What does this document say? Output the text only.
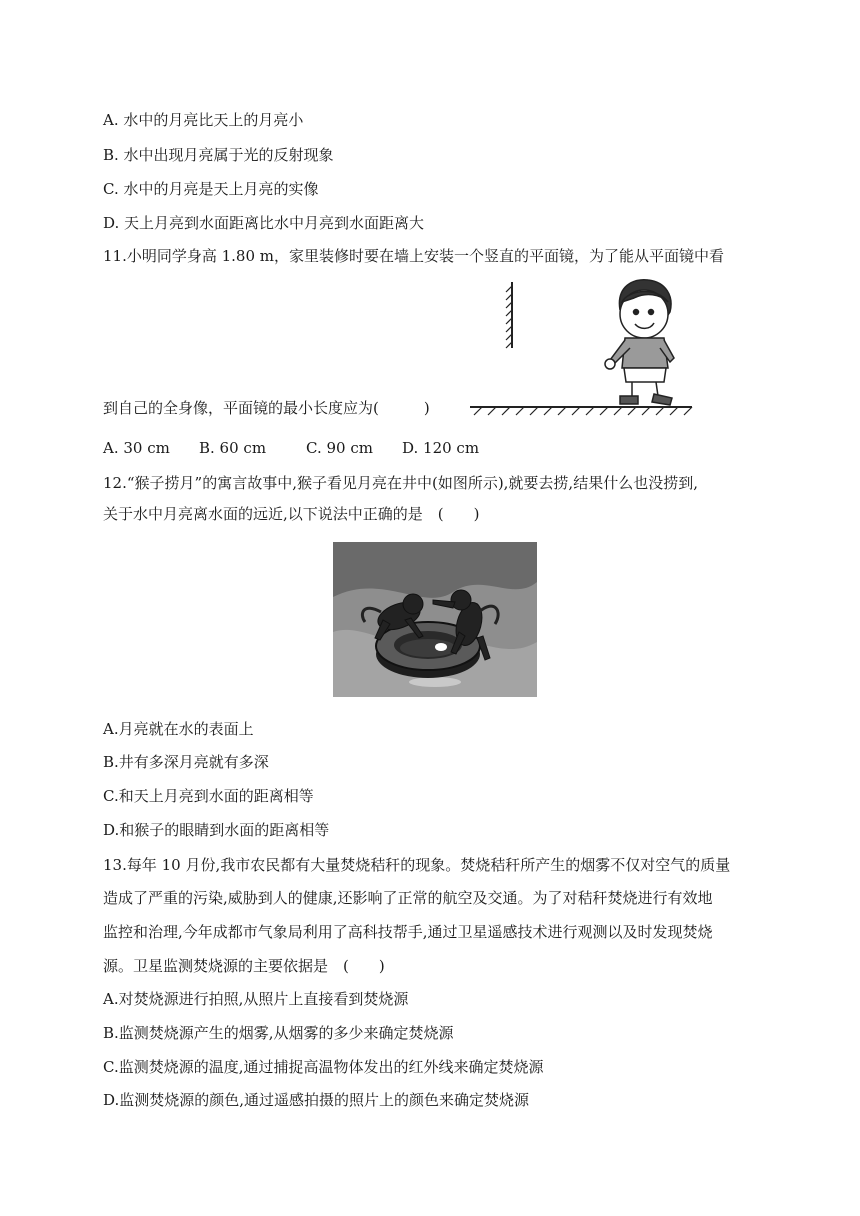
A. 水中的月亮比天上的月亮小
B. 水中出现月亮属于光的反射现象
C. 水中的月亮是天上月亮的实像
D. 天上月亮到水面距离比水中月亮到水面距离大
11.小明同学身高 1.80 m，家里装修时要在墙上安装一个竖直的平面镜，为了能从平面镜中看
到自己的全身像，平面镜的最小长度应为(　　　)
A. 30 cm B. 60 cm	C. 90 cm D. 120 cm
12.“猴子捞月”的寓言故事中,猴子看见月亮在井中(如图所示),就要去捞,结果什么也没捞到,
关于水中月亮离水面的远近,以下说法中正确的是　(　　)
A.月亮就在水的表面上
B.井有多深月亮就有多深
C.和天上月亮到水面的距离相等
D.和猴子的眼睛到水面的距离相等
13.每年 10 月份,我市农民都有大量焚烧秸秆的现象。焚烧秸秆所产生的烟雾不仅对空气的质量
造成了严重的污染,威胁到人的健康,还影响了正常的航空及交通。为了对秸秆焚烧进行有效地
监控和治理,今年成都市气象局利用了高科技帮手,通过卫星遥感技术进行观测以及时发现焚烧
源。卫星监测焚烧源的主要依据是　(　　)
A.对焚烧源进行拍照,从照片上直接看到焚烧源
B.监测焚烧源产生的烟雾,从烟雾的多少来确定焚烧源
C.监测焚烧源的温度,通过捕捉高温物体发出的红外线来确定焚烧源
D.监测焚烧源的颜色,通过遥感拍摄的照片上的颜色来确定焚烧源
